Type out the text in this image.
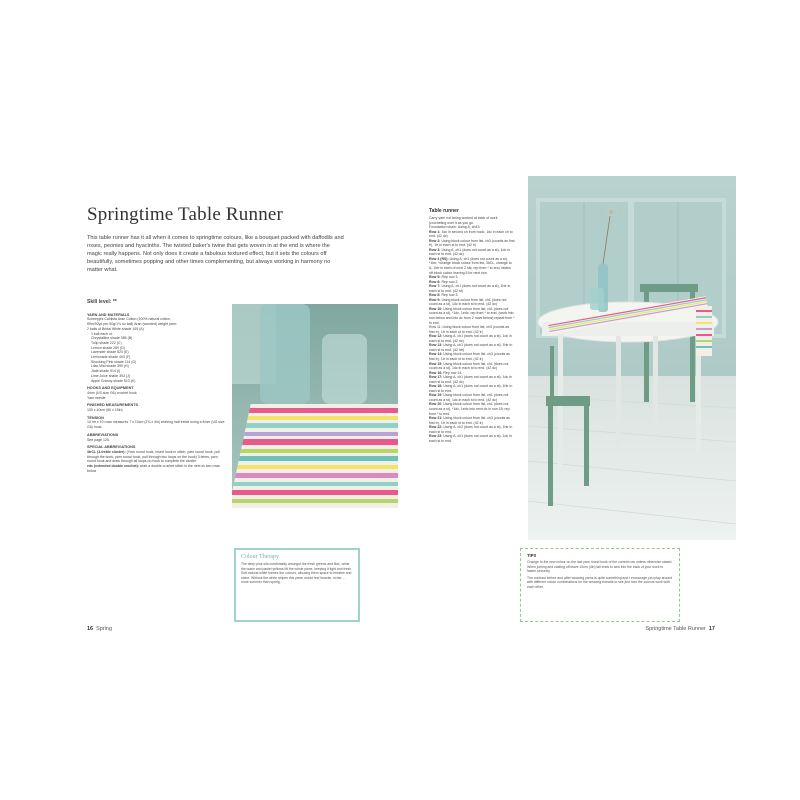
Springtime Table Runner

This table runner has it all when it comes to springtime colours, like a bouquet packed with daffodils and roses, peonies and hyacinths. The twisted baker's twine that gets woven in at the end is where the magic really happens. Not only does it create a fabulous textured effect, but it sets the colours off beautifully, sometimes popping and other times complementing, but always working in harmony no matter what.

Skill level: **
YARN AND MATERIALS
Scheepjes Cahlista Aran Cotton (100% natural cotton,
85m/92yd per 50g/1¾ oz ball) Aran (worsted) weight yarn:
2 balls of Bridal White shade 105 (A)
1 ball each of:
Chrystalline shade 385 (B)
Tulip shade 222 (C)
Lemon shade 280 (D)
Lavender shade 520 (E)
Lemonade shade 403 (F)
Shocking Pink shade 114 (G)
Lilac Mist shade 399 (H)
Jade shade 514 (I)
Lime Juice shade 392 (J)
Apple Granny shade 513 (K)
HOOKS AND EQUIPMENT
4mm (US size G6) crochet hook
Yarn needle
FINISHED MEASUREMENTS
150 x 40cm (60 x 15in)
TENSION
10 htr x 10 rows measures 7 x 10cm (2¾ x 4in) working half treble using a 4mm (US size G6) hook.
ABBREVIATIONS
See page 125.
SPECIAL ABBREVIATIONS
3trCL (3-treble cluster): (Yarn round hook, insert hook in stitch, yarn round hook, pull through the work, yarn round hook, pull through two loops on the hook) 3 times, yarn round hook and draw through all loops on hook to complete the cluster
edc (extended double crochet): work a double crochet stitch in the next dc two rows below
Colour Therapy
The deep pink sits comfortably amongst the fresh greens and lilac, while the warm and pastel yellows lift the whole piece, keeping it light and fresh. Soft natural white frames the colours, allowing them space to breathe and shine. Without the white stripes this piece would feel heavier, richer… more summer than spring.
16 Spring
Table runner
Carry yarn not being worked at back of work (crocheting over it as you go.
Foundation chain: Using A, ch43.
Row 1: 1dc in second ch from hook, 1dc in each ch to end. (42 dc)
Row 2: Using block colour from list, ch3 (counts as first tr), 1tr in each st to end. (42 tr)
Row 3: Using A, ch1 (does not count as a st), 1dc in each st to end. (42 dc)
Row 4 (RS): Using A, ch1 (does not count as a st), *1htr, *change block colour from list, 3trCL, change to A, 1htr in each of next 2 sts; rep from * to end, fasten off block colour leaving 5 for next row.
Row 5: Rep row 3.
Row 6: Rep row 2.
Row 7: Using A, ch1 (does not count as a st), 1htr in each st to end. (42 st)
Row 8: Rep row 3.
Row 9: Using block colour from list, ch1 (does not count as a st), 1dc in each st to end. (42 dc)
Row 10: Using block colour from list, ch1 (does not count as a st), *1dc, 1edc; rep from * to end, (work into row below and into dc from 2 rows below) repeat from * to end.
Row 11: Using block colour from list, ch3 (counts as first tr), 1tr in each st to end. (42 tr)
Row 12: Using A, ch1 (does not count as a st), 1dc in each st to end. (42 dc)
Row 13: Using A, ch1 (does not count as a st), 1htr in each st to end. (42 htr)
Row 14: Using block colour from list, ch3 (counts as first tr), 1tr in each st to end. (42 tr)
Row 15: Using block colour from list, ch1 (does not count as a st), 1dc in each st to end. (42 dc)
Row 16: Rep row 14.
Row 17: Using A, ch1 (does not count as a st), 1dc in each st to end. (42 dc)
Row 18: Using A, ch1 (does not count as a st), 1htr in each st to end.
Row 19: Using block colour from list, ch1 (does not count as a st), 1dc in each st to end. (42 dc)
Row 20: Using block colour from list, ch1 (does not count as a st), *1dc, 1edc into next dc in row 18; rep from * to end.
Row 21: Using block colour from list, ch3 (counts as first tr), 1tr in each st to end. (42 tr)
Row 22: Using A, ch2 (does not count as a st), 1htr in each st to end.
Row 23: Using A, ch1 (does not count as a st), 1dc in each st to end.
TIPS
Change to the new colour on the last yarn round hook of the current row unless otherwise stated. When joining and casting off leave 10cm (4in) tail ends to sew into the back of your work to fasten securely.
The contrast before and after weaving yarns is quite something and I encourage you play around with different colour combinations for the weaving threads to see just how the colours work with each other.
Springtime Table Runner 17
